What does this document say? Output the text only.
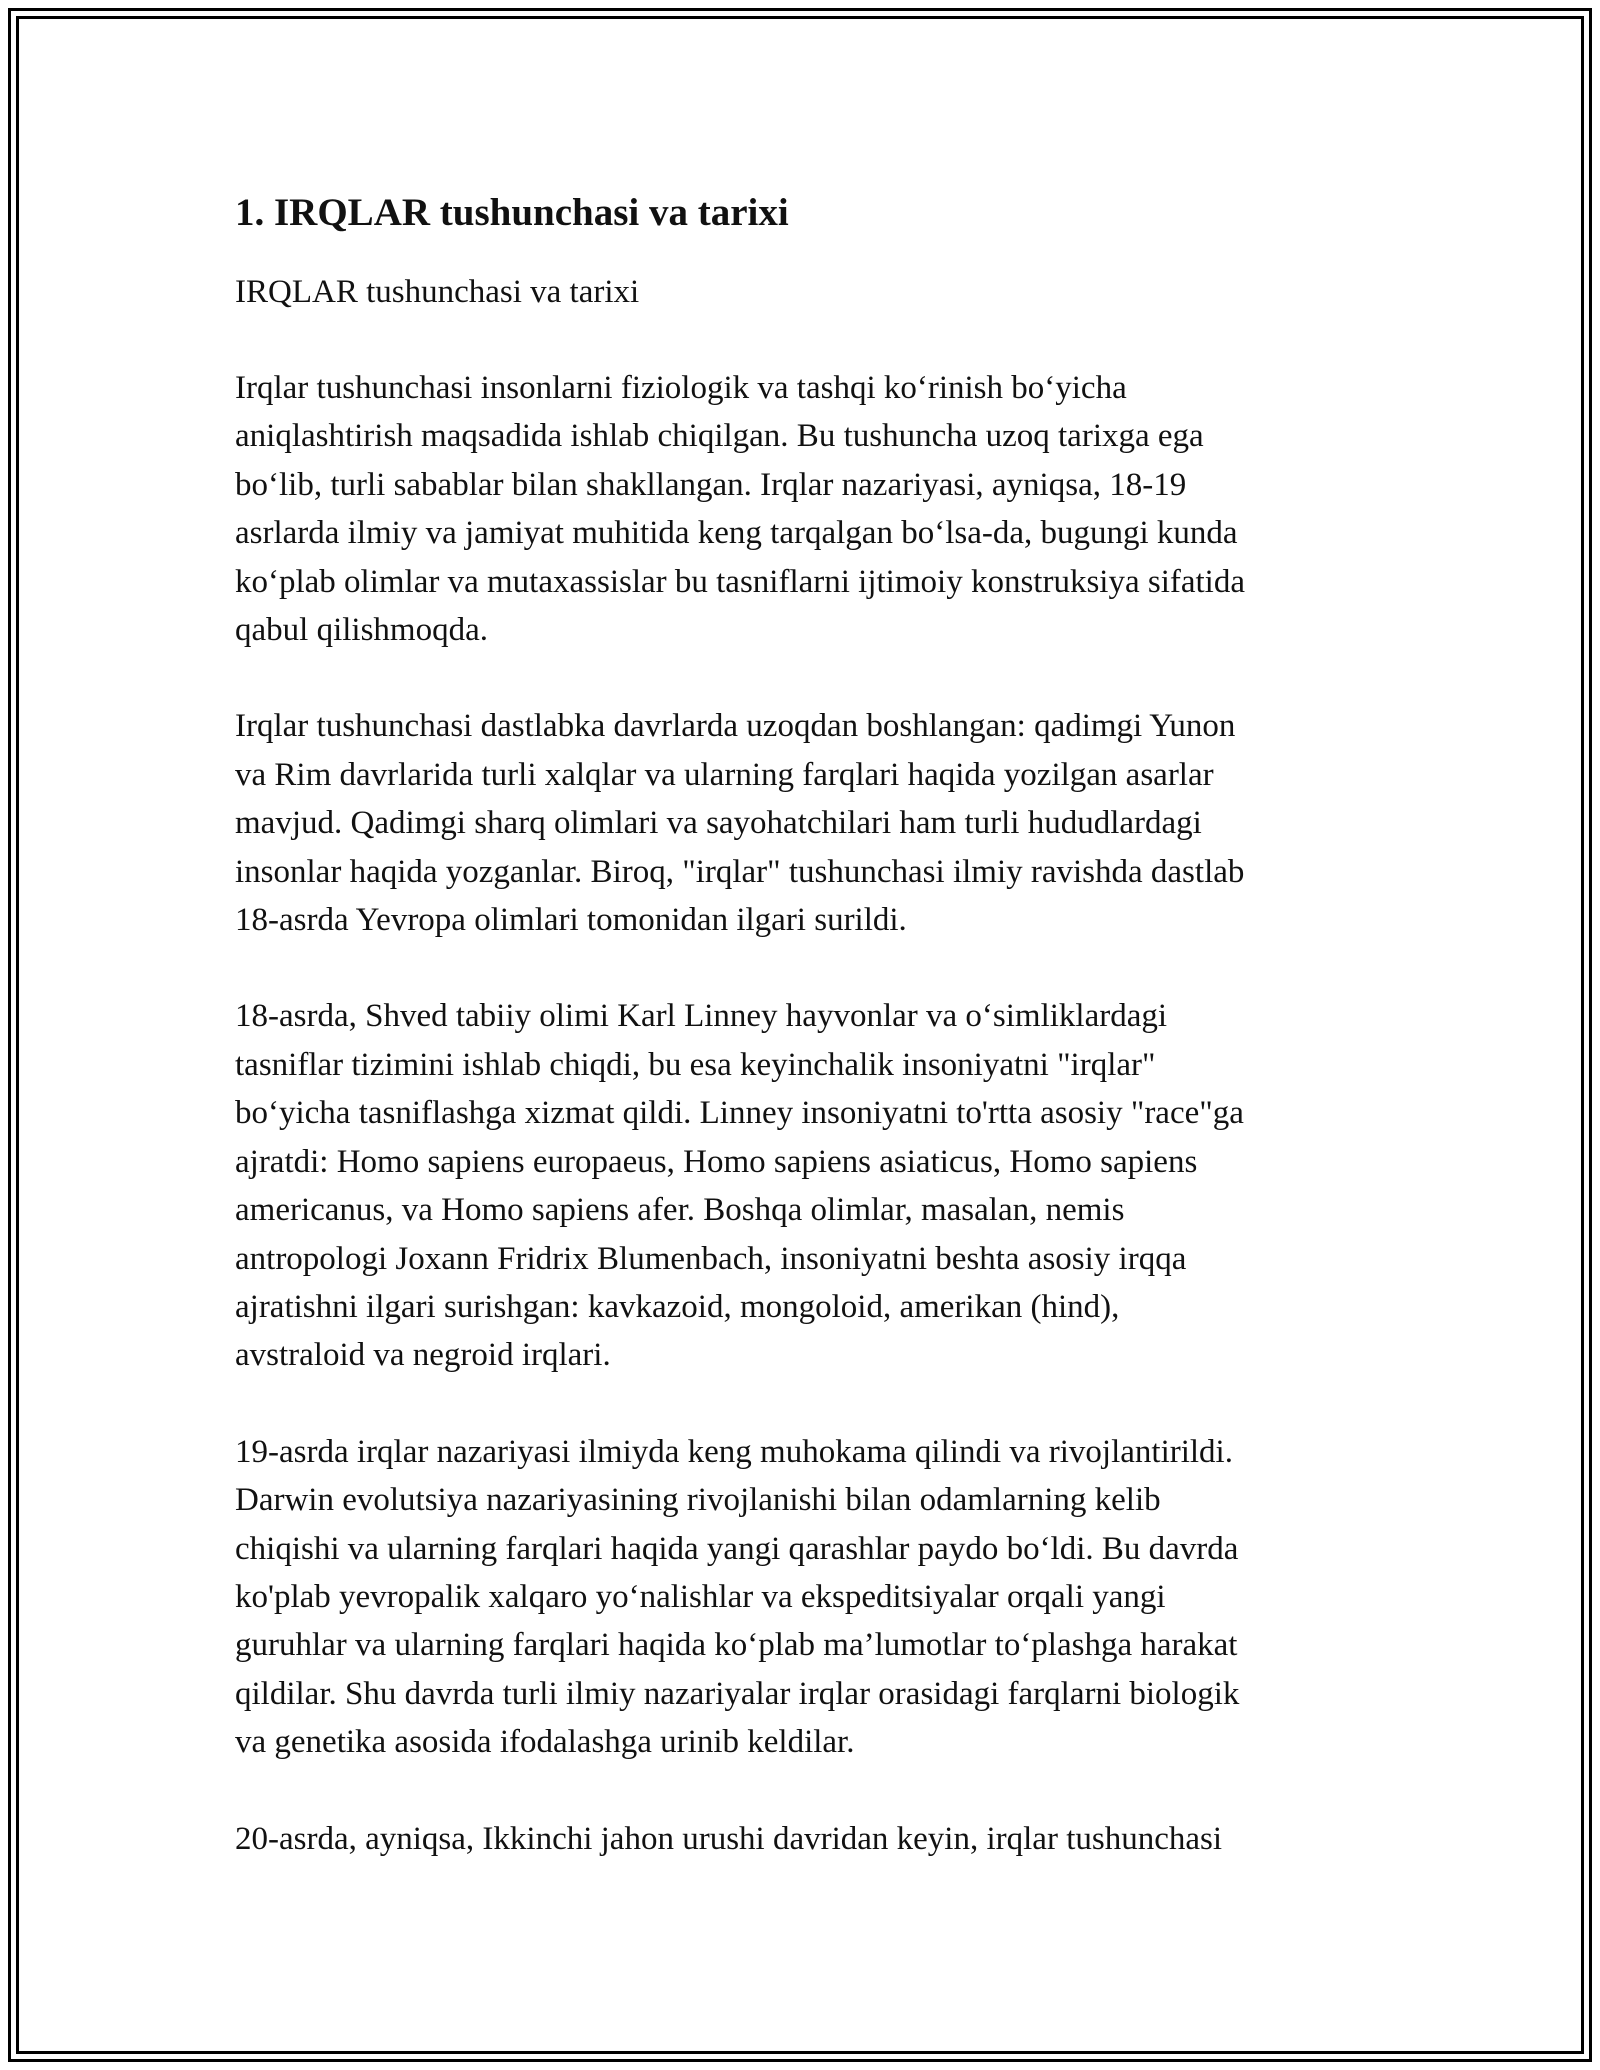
1. IRQLAR tushunchasi va tarixi

IRQLAR tushunchasi va tarixi

Irqlar tushunchasi insonlarni fiziologik va tashqi ko‘rinish bo‘yicha
aniqlashtirish maqsadida ishlab chiqilgan. Bu tushuncha uzoq tarixga ega
bo‘lib, turli sabablar bilan shakllangan. Irqlar nazariyasi, ayniqsa, 18-19
asrlarda ilmiy va jamiyat muhitida keng tarqalgan bo‘lsa-da, bugungi kunda
ko‘plab olimlar va mutaxassislar bu tasniflarni ijtimoiy konstruksiya sifatida
qabul qilishmoqda.

Irqlar tushunchasi dastlabka davrlarda uzoqdan boshlangan: qadimgi Yunon
va Rim davrlarida turli xalqlar va ularning farqlari haqida yozilgan asarlar
mavjud. Qadimgi sharq olimlari va sayohatchilari ham turli hududlardagi
insonlar haqida yozganlar. Biroq, "irqlar" tushunchasi ilmiy ravishda dastlab
18-asrda Yevropa olimlari tomonidan ilgari surildi.

18-asrda, Shved tabiiy olimi Karl Linney hayvonlar va o‘simliklardagi
tasniflar tizimini ishlab chiqdi, bu esa keyinchalik insoniyatni "irqlar"
bo‘yicha tasniflashga xizmat qildi. Linney insoniyatni to'rtta asosiy "race"ga
ajratdi: Homo sapiens europaeus, Homo sapiens asiaticus, Homo sapiens
americanus, va Homo sapiens afer. Boshqa olimlar, masalan, nemis
antropologi Joxann Fridrix Blumenbach, insoniyatni beshta asosiy irqqa
ajratishni ilgari surishgan: kavkazoid, mongoloid, amerikan (hind),
avstraloid va negroid irqlari.

19-asrda irqlar nazariyasi ilmiyda keng muhokama qilindi va rivojlantirildi.
Darwin evolutsiya nazariyasining rivojlanishi bilan odamlarning kelib
chiqishi va ularning farqlari haqida yangi qarashlar paydo bo‘ldi. Bu davrda
ko'plab yevropalik xalqaro yo‘nalishlar va ekspeditsiyalar orqali yangi
guruhlar va ularning farqlari haqida ko‘plab ma’lumotlar to‘plashga harakat
qildilar. Shu davrda turli ilmiy nazariyalar irqlar orasidagi farqlarni biologik
va genetika asosida ifodalashga urinib keldilar.

20-asrda, ayniqsa, Ikkinchi jahon urushi davridan keyin, irqlar tushunchasi
